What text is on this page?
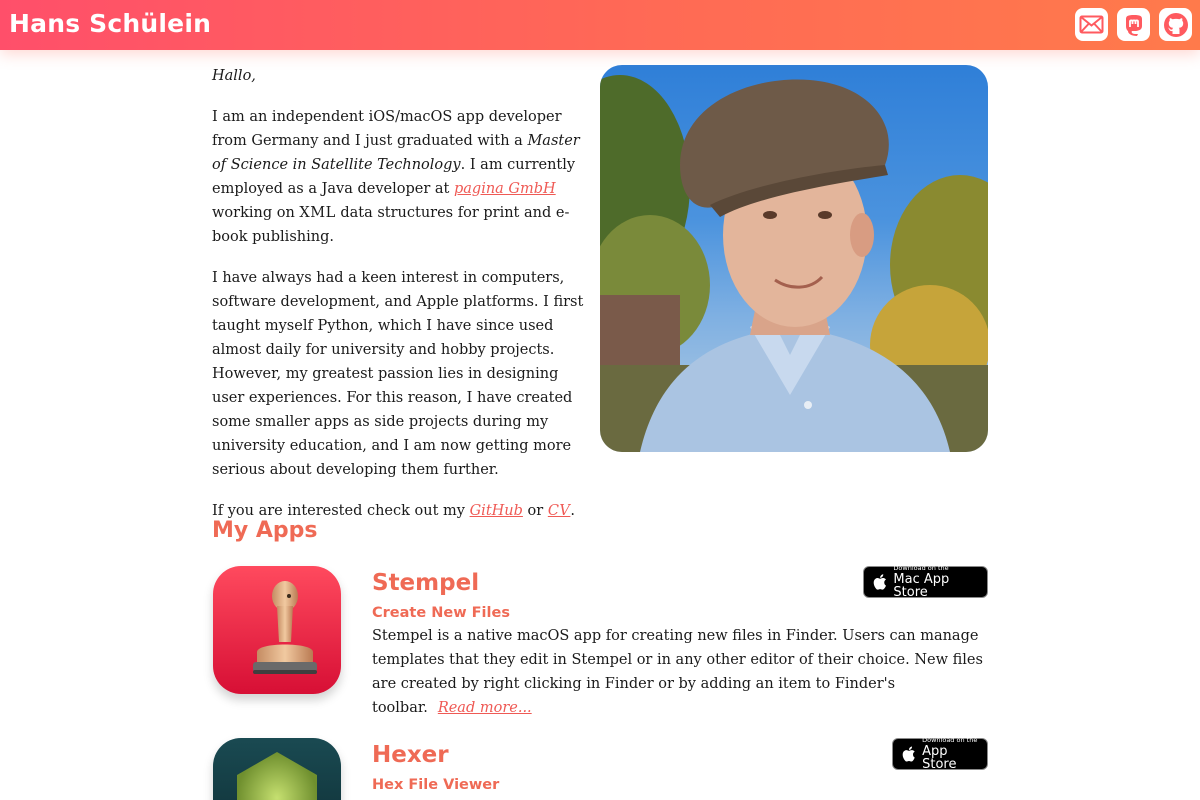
Hans Schülein

Hallo,

I am an independent iOS/macOS app developer from Germany and I just graduated with a Master of Science in Satellite Technology. I am currently employed as a Java developer at pagina GmbH working on XML data structures for print and e-book publishing.

I have always had a keen interest in computers, software development, and Apple platforms. I first taught myself Python, which I have since used almost daily for university and hobby projects. However, my greatest passion lies in designing user experiences. For this reason, I have created some smaller apps as side projects during my university education, and I am now getting more serious about developing them further.

If you are interested check out my GitHub or CV.

My Apps
Stempel
Create New Files
Stempel is a native macOS app for creating new files in Finder. Users can manage templates that they edit in Stempel or in any other editor of their choice. New files are created by right clicking in Finder or by adding an item to Finder's toolbar. Read more...
Download on the
Mac App Store
Hexer
Hex File Viewer
Download on the
App Store
